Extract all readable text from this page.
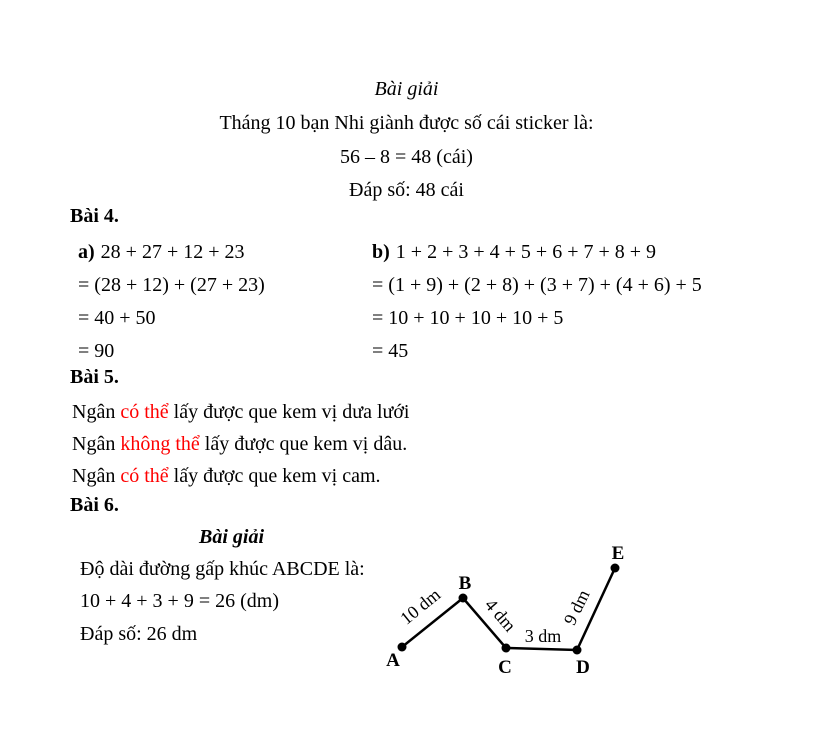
Bài giải
Tháng 10 bạn Nhi giành được số cái sticker là:
56 – 8 = 48 (cái)
Đáp số: 48 cái
Bài 4.
a) 28 + 27 + 12 + 23
= (28 + 12) + (27 + 23)
= 40 + 50
= 90
b) 1 + 2 + 3 + 4 + 5 + 6 + 7 + 8 + 9
= (1 + 9) + (2 + 8) + (3 + 7) + (4 + 6) + 5
= 10 + 10 + 10 + 10 + 5
= 45
Bài 5.
Ngân có thể lấy được que kem vị dưa lưới
Ngân không thể lấy được que kem vị dâu.
Ngân có thể lấy được que kem vị cam.
Bài 6.
Bài giải
Độ dài đường gấp khúc ABCDE là:
10 + 4 + 3 + 9 = 26 (dm)
Đáp số: 26 dm
A
B
C	D
E
10 dm 4 dm
3 dm
9 dm
